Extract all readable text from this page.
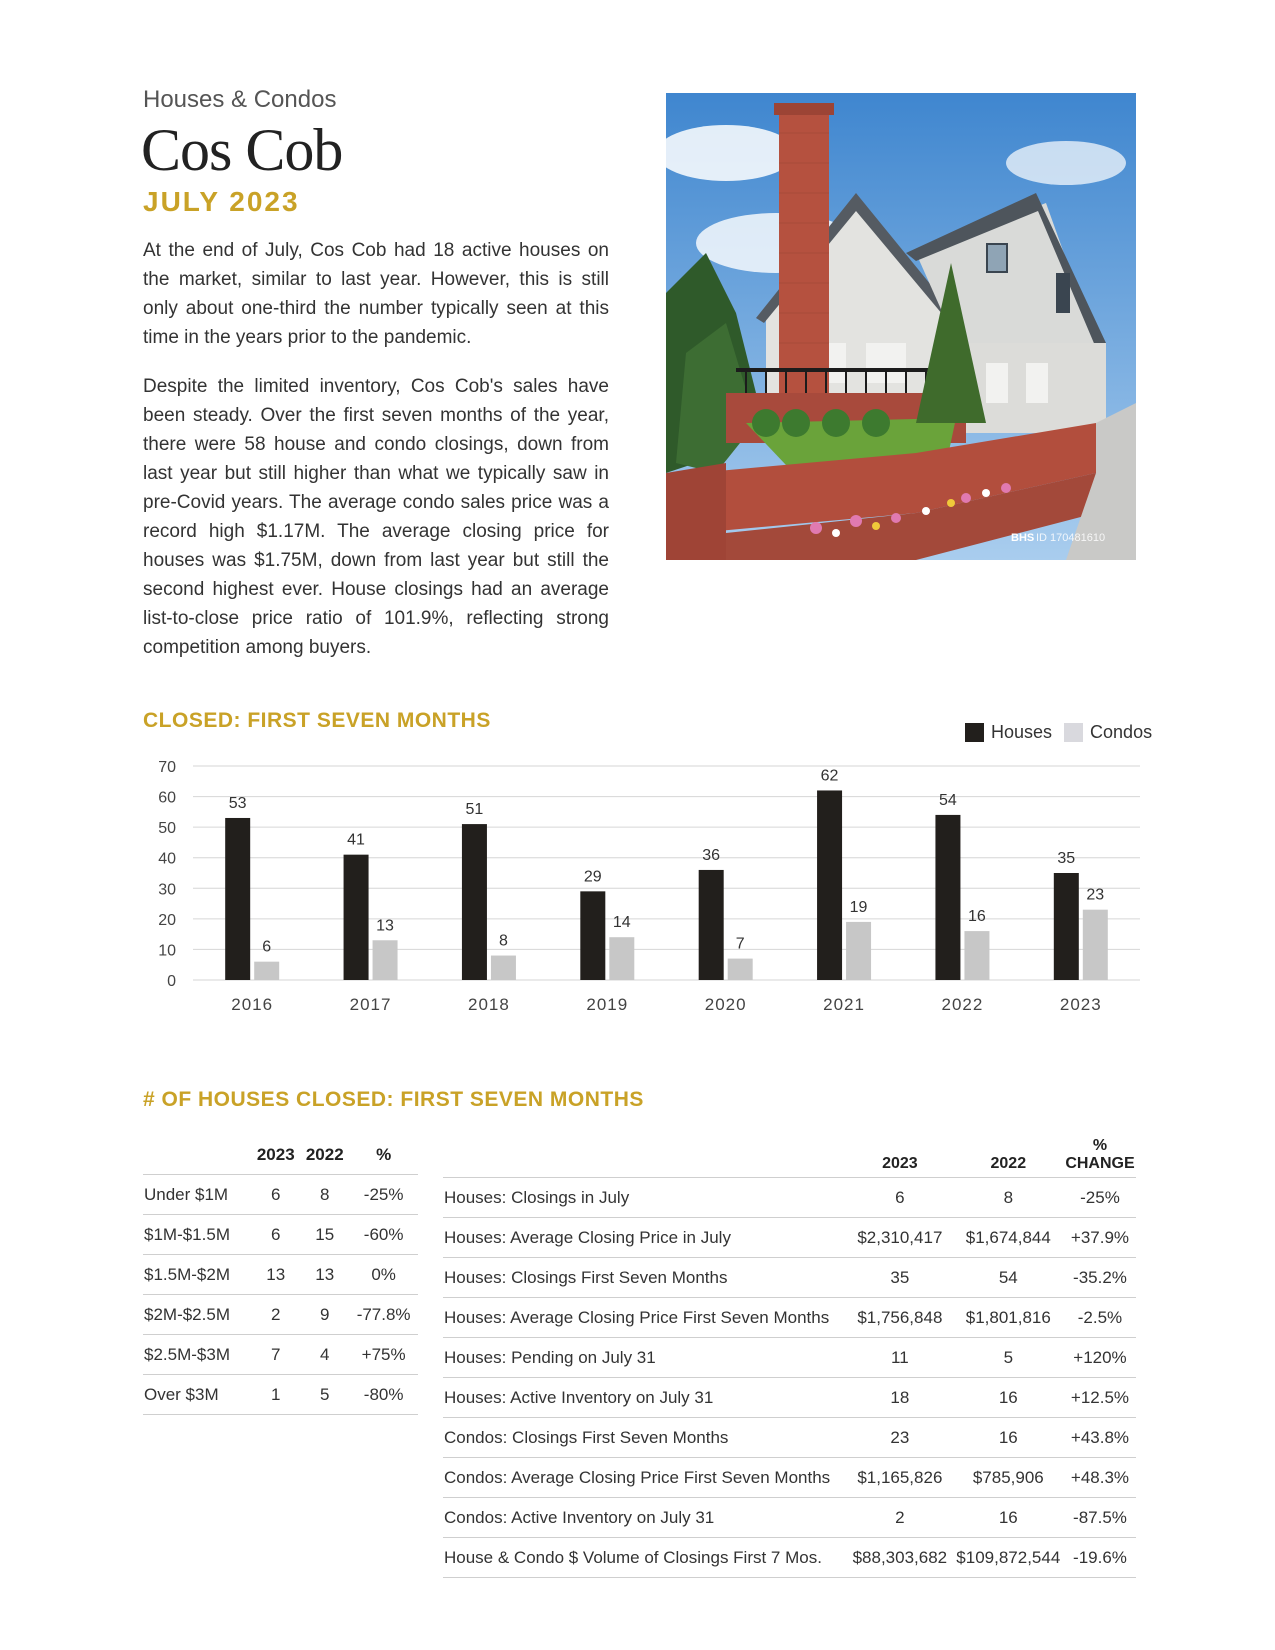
Houses & Condos
Cos Cob
JULY 2023

At the end of July, Cos Cob had 18 active houses on the market, similar to last year. However, this is still only about one-third the number typically seen at this time in the years prior to the pandemic.

Despite the limited inventory, Cos Cob's sales have been steady. Over the first seven months of the year, there were 58 house and condo closings, down from last year but still higher than what we typically saw in pre-Covid years. The average condo sales price was a record high $1.17M. The average closing price for houses was $1.75M, down from last year but still the second highest ever. House closings had an average list-to-close price ratio of 101.9%, reflecting strong competition among buyers.

BHS ID 170481610
CLOSED: FIRST SEVEN MONTHS	Houses Condos
0
10
20
30
40
50
60
70
53
6
2016
41
13
2017
51
8
2018
29
14
2019
36
7
2020
62
19
2021
54
16
2022
35
23
2023
# OF HOUSES CLOSED: FIRST SEVEN MONTHS
	2023	2022	%
Under $1M	6	8	-25%
$1M-$1.5M	6	15	-60%
$1.5M-$2M	13	13	0%
$2M-$2.5M	2	9	-77.8%
$2.5M-$3M	7	4	+75%
Over $3M	1	5	-80%
	2023	2022	% CHANGE
Houses: Closings in July	6	8	-25%
Houses: Average Closing Price in July	$2,310,417	$1,674,844	+37.9%
Houses: Closings First Seven Months	35	54	-35.2%
Houses: Average Closing Price First Seven Months	$1,756,848	$1,801,816	-2.5%
Houses: Pending on July 31	11	5	+120%
Houses: Active Inventory on July 31	18	16	+12.5%
Condos: Closings First Seven Months	23	16	+43.8%
Condos: Average Closing Price First Seven Months	$1,165,826	$785,906	+48.3%
Condos: Active Inventory on July 31	2	16	-87.5%
House & Condo $ Volume of Closings First 7 Mos.	$88,303,682	$109,872,544	-19.6%
